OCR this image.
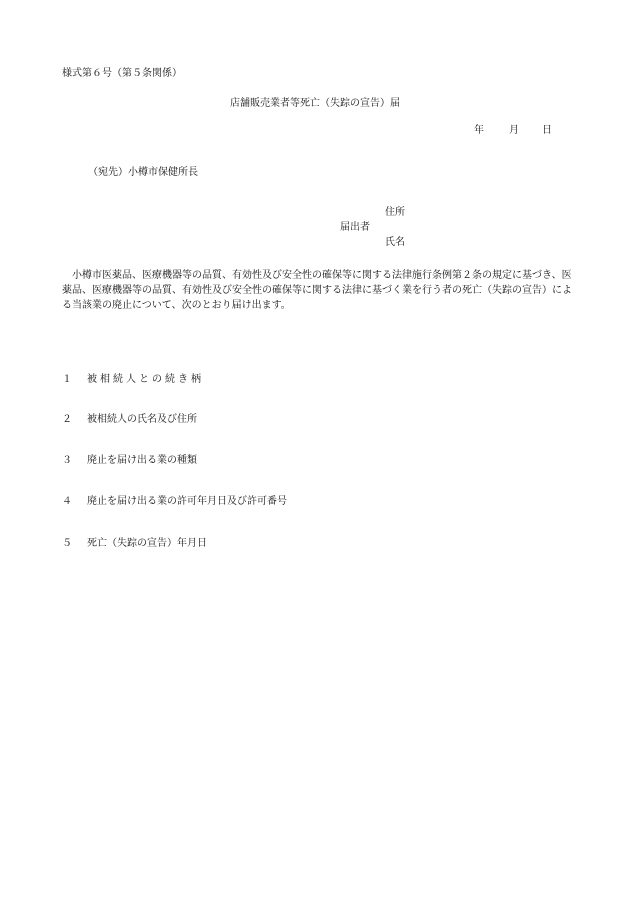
様式第６号（第５条関係）
店舗販売業者等死亡（失踪の宣告）届
年	月 日
（宛先）小樽市保健所長
住所
届出者
氏名
小樽市医薬品、医療機器等の品質、有効性及び安全性の確保等に関する法律施行条例第２条の規定に基づき、医薬品、医療機器等の品質、有効性及び安全性の確保等に関する法律に基づく業を行う者の死亡（失踪の宣告）による当該業の廃止について、次のとおり届け出ます。
１ 被相続人との続き柄
２ 被相続人の氏名及び住所
３ 廃止を届け出る業の種類
４ 廃止を届け出る業の許可年月日及び許可番号
５ 死亡（失踪の宣告）年月日
